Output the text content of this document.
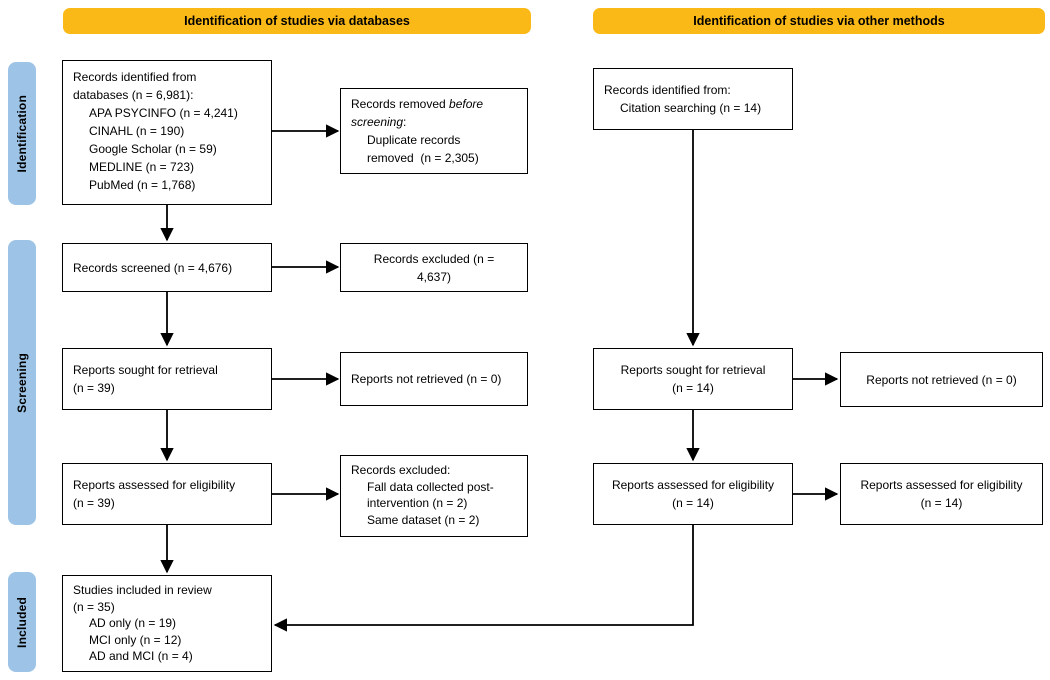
Identification of studies via databases	Identification of studies via other methods
Identification
Screening
Included
Records identified from
databases (n = 6,981):
APA PSYCINFO (n = 4,241)
CINAHL (n = 190)
Google Scholar (n = 59)
MEDLINE (n = 723)
PubMed (n = 1,768)
Records removed before
screening:
Duplicate records
removed  (n = 2,305)
Records screened (n = 4,676)
Records excluded (n =
4,637)
Reports sought for retrieval
(n = 39)
Reports not retrieved (n = 0)
Reports assessed for eligibility
(n = 39)
Records excluded:
Fall data collected post-
intervention (n = 2)
Same dataset (n = 2)
Studies included in review
(n = 35)
AD only (n = 19)
MCI only (n = 12)
AD and MCI (n = 4)
Records identified from:
Citation searching (n = 14)
Reports sought for retrieval
(n = 14)
Reports not retrieved (n = 0)
Reports assessed for eligibility
(n = 14)
Reports assessed for eligibility
(n = 14)
